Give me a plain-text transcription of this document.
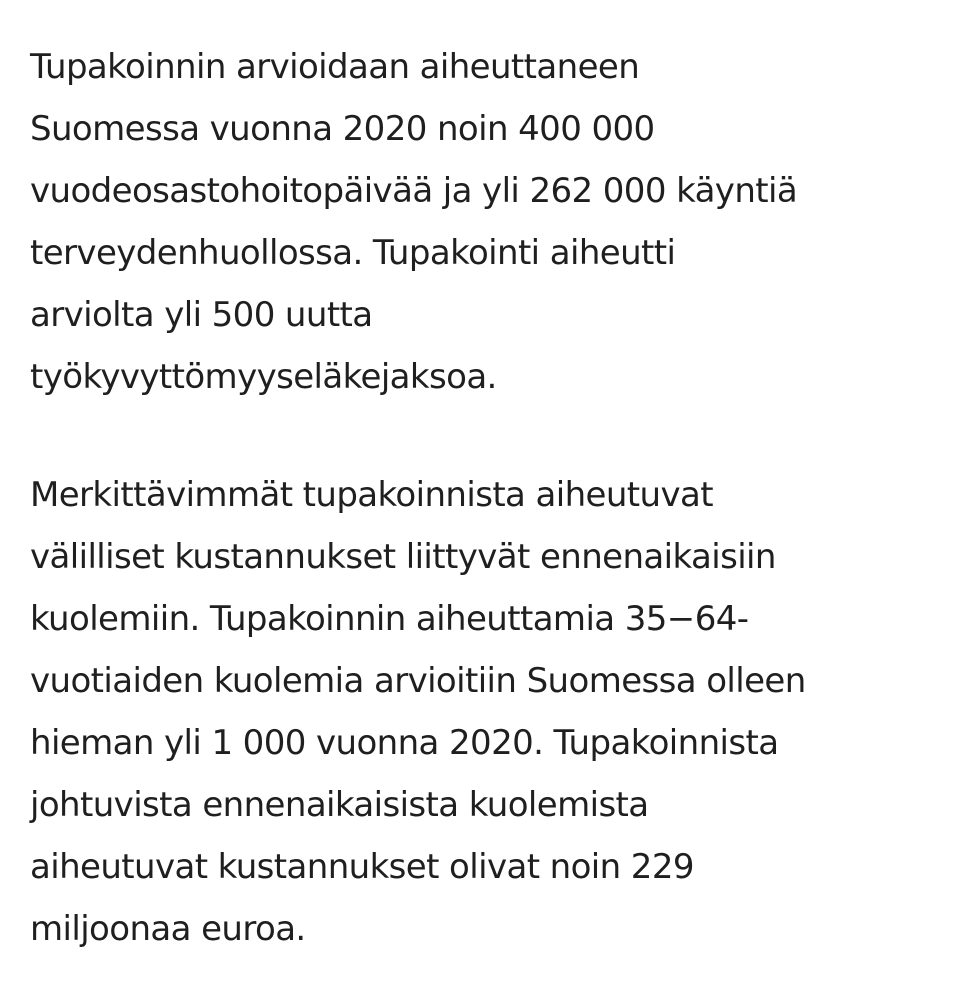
Tupakoinnin arvioidaan aiheuttaneen
Suomessa vuonna 2020 noin 400 000
vuodeosastohoitopäivää ja yli 262 000 käyntiä
terveydenhuollossa. Tupakointi aiheutti
arviolta yli 500 uutta
työkyvyttömyyseläkejaksoa.

Merkittävimmät tupakoinnista aiheutuvat
välilliset kustannukset liittyvät ennenaikaisiin
kuolemiin. Tupakoinnin aiheuttamia 35−64-
vuotiaiden kuolemia arvioitiin Suomessa olleen
hieman yli 1 000 vuonna 2020. Tupakoinnista
johtuvista ennenaikaisista kuolemista
aiheutuvat kustannukset olivat noin 229
miljoonaa euroa.
